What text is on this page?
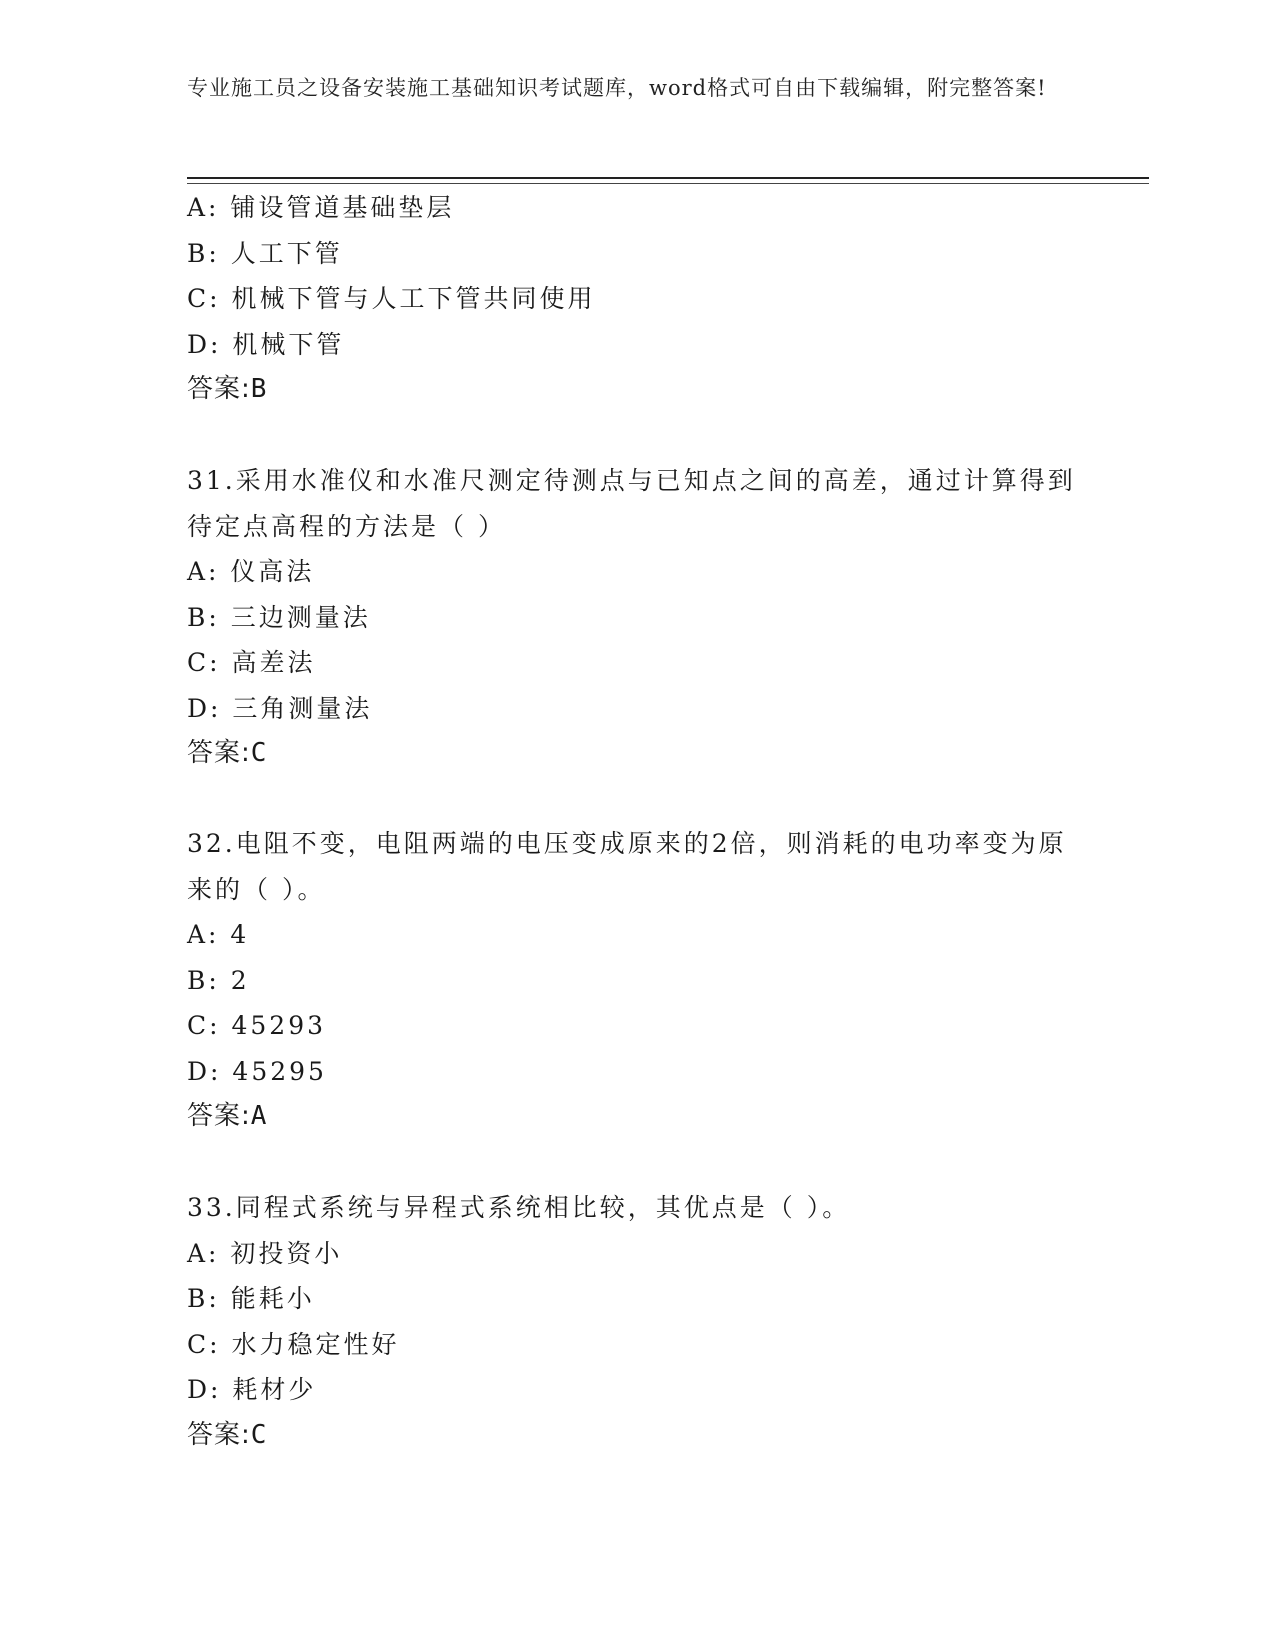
专业施工员之设备安装施工基础知识考试题库，word格式可自由下载编辑，附完整答案!
A: 铺设管道基础垫层
B: 人工下管
C: 机械下管与人工下管共同使用
D: 机械下管
答案:B
31.采用水准仪和水准尺测定待测点与已知点之间的高差，通过计算得到待定点高程的方法是（ ）
A: 仪高法
B: 三边测量法
C: 高差法
D: 三角测量法
答案:C
32.电阻不变，电阻两端的电压变成原来的2倍，则消耗的电功率变为原来的（ ）。
A: 4
B: 2
C: 45293
D: 45295
答案:A
33.同程式系统与异程式系统相比较，其优点是（ ）。
A: 初投资小
B: 能耗小
C: 水力稳定性好
D: 耗材少
答案:C
